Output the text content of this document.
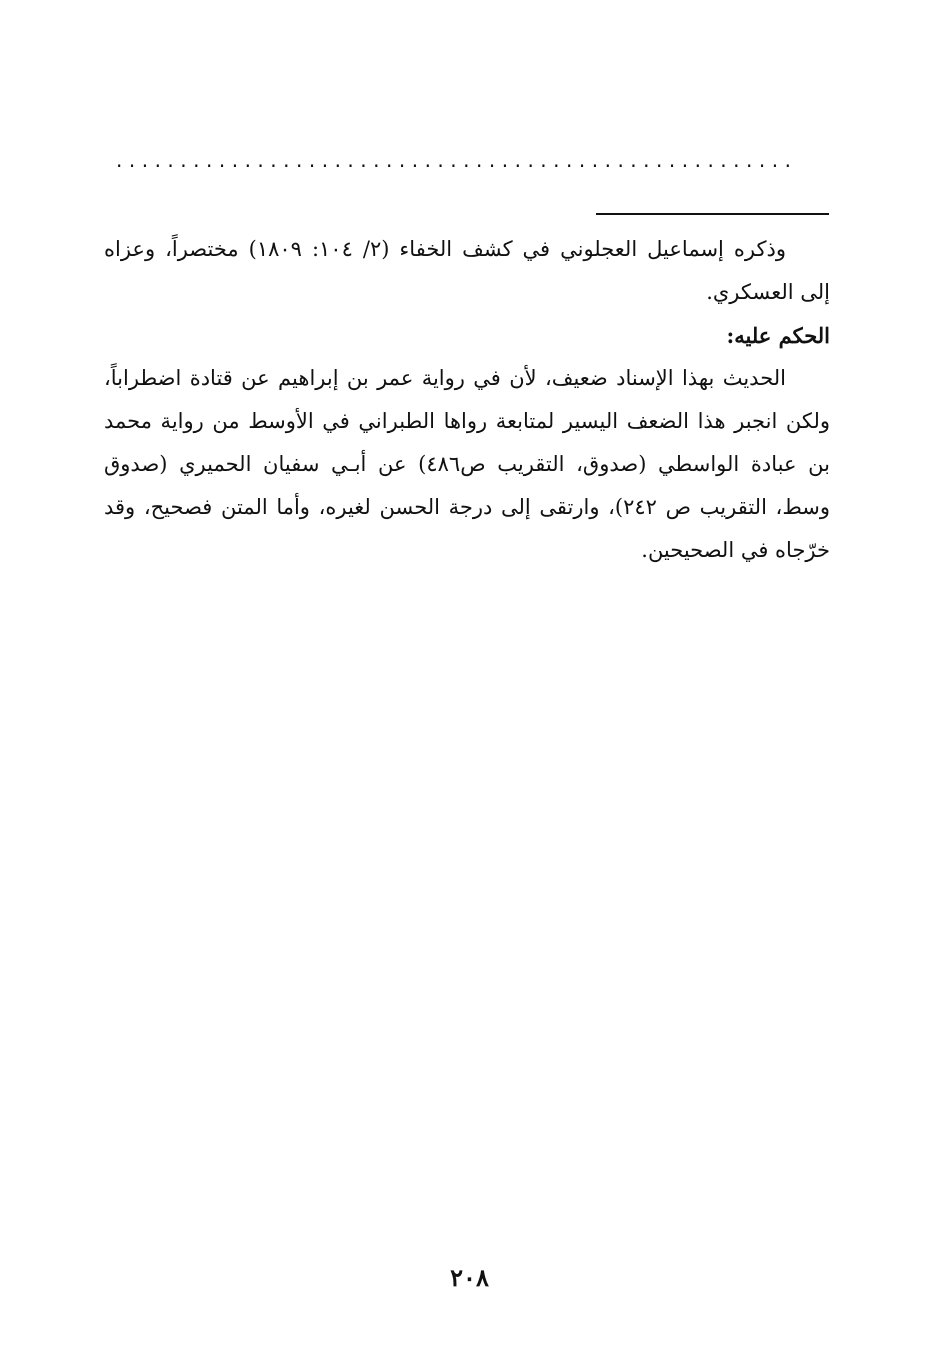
.....................................................

وذكره إسماعيل العجلوني في كشف الخفاء (٢/ ١٠٤: ١٨٠٩) مختصراً، وعزاه إلى العسكري.

الحكم عليه:

الحديث بهذا الإسناد ضعيف، لأن في رواية عمر بن إبراهيم عن قتادة اضطراباً، ولكن انجبر هذا الضعف اليسير لمتابعة رواها الطبراني في الأوسط من رواية محمد بن عبادة الواسطي (صدوق، التقريب ص٤٨٦) عن أبـي سفيان الحميري (صدوق وسط، التقريب ص ٢٤٢)، وارتقى إلى درجة الحسن لغيره، وأما المتن فصحيح، وقد خرّجاه في الصحيحين.

٢٠٨
